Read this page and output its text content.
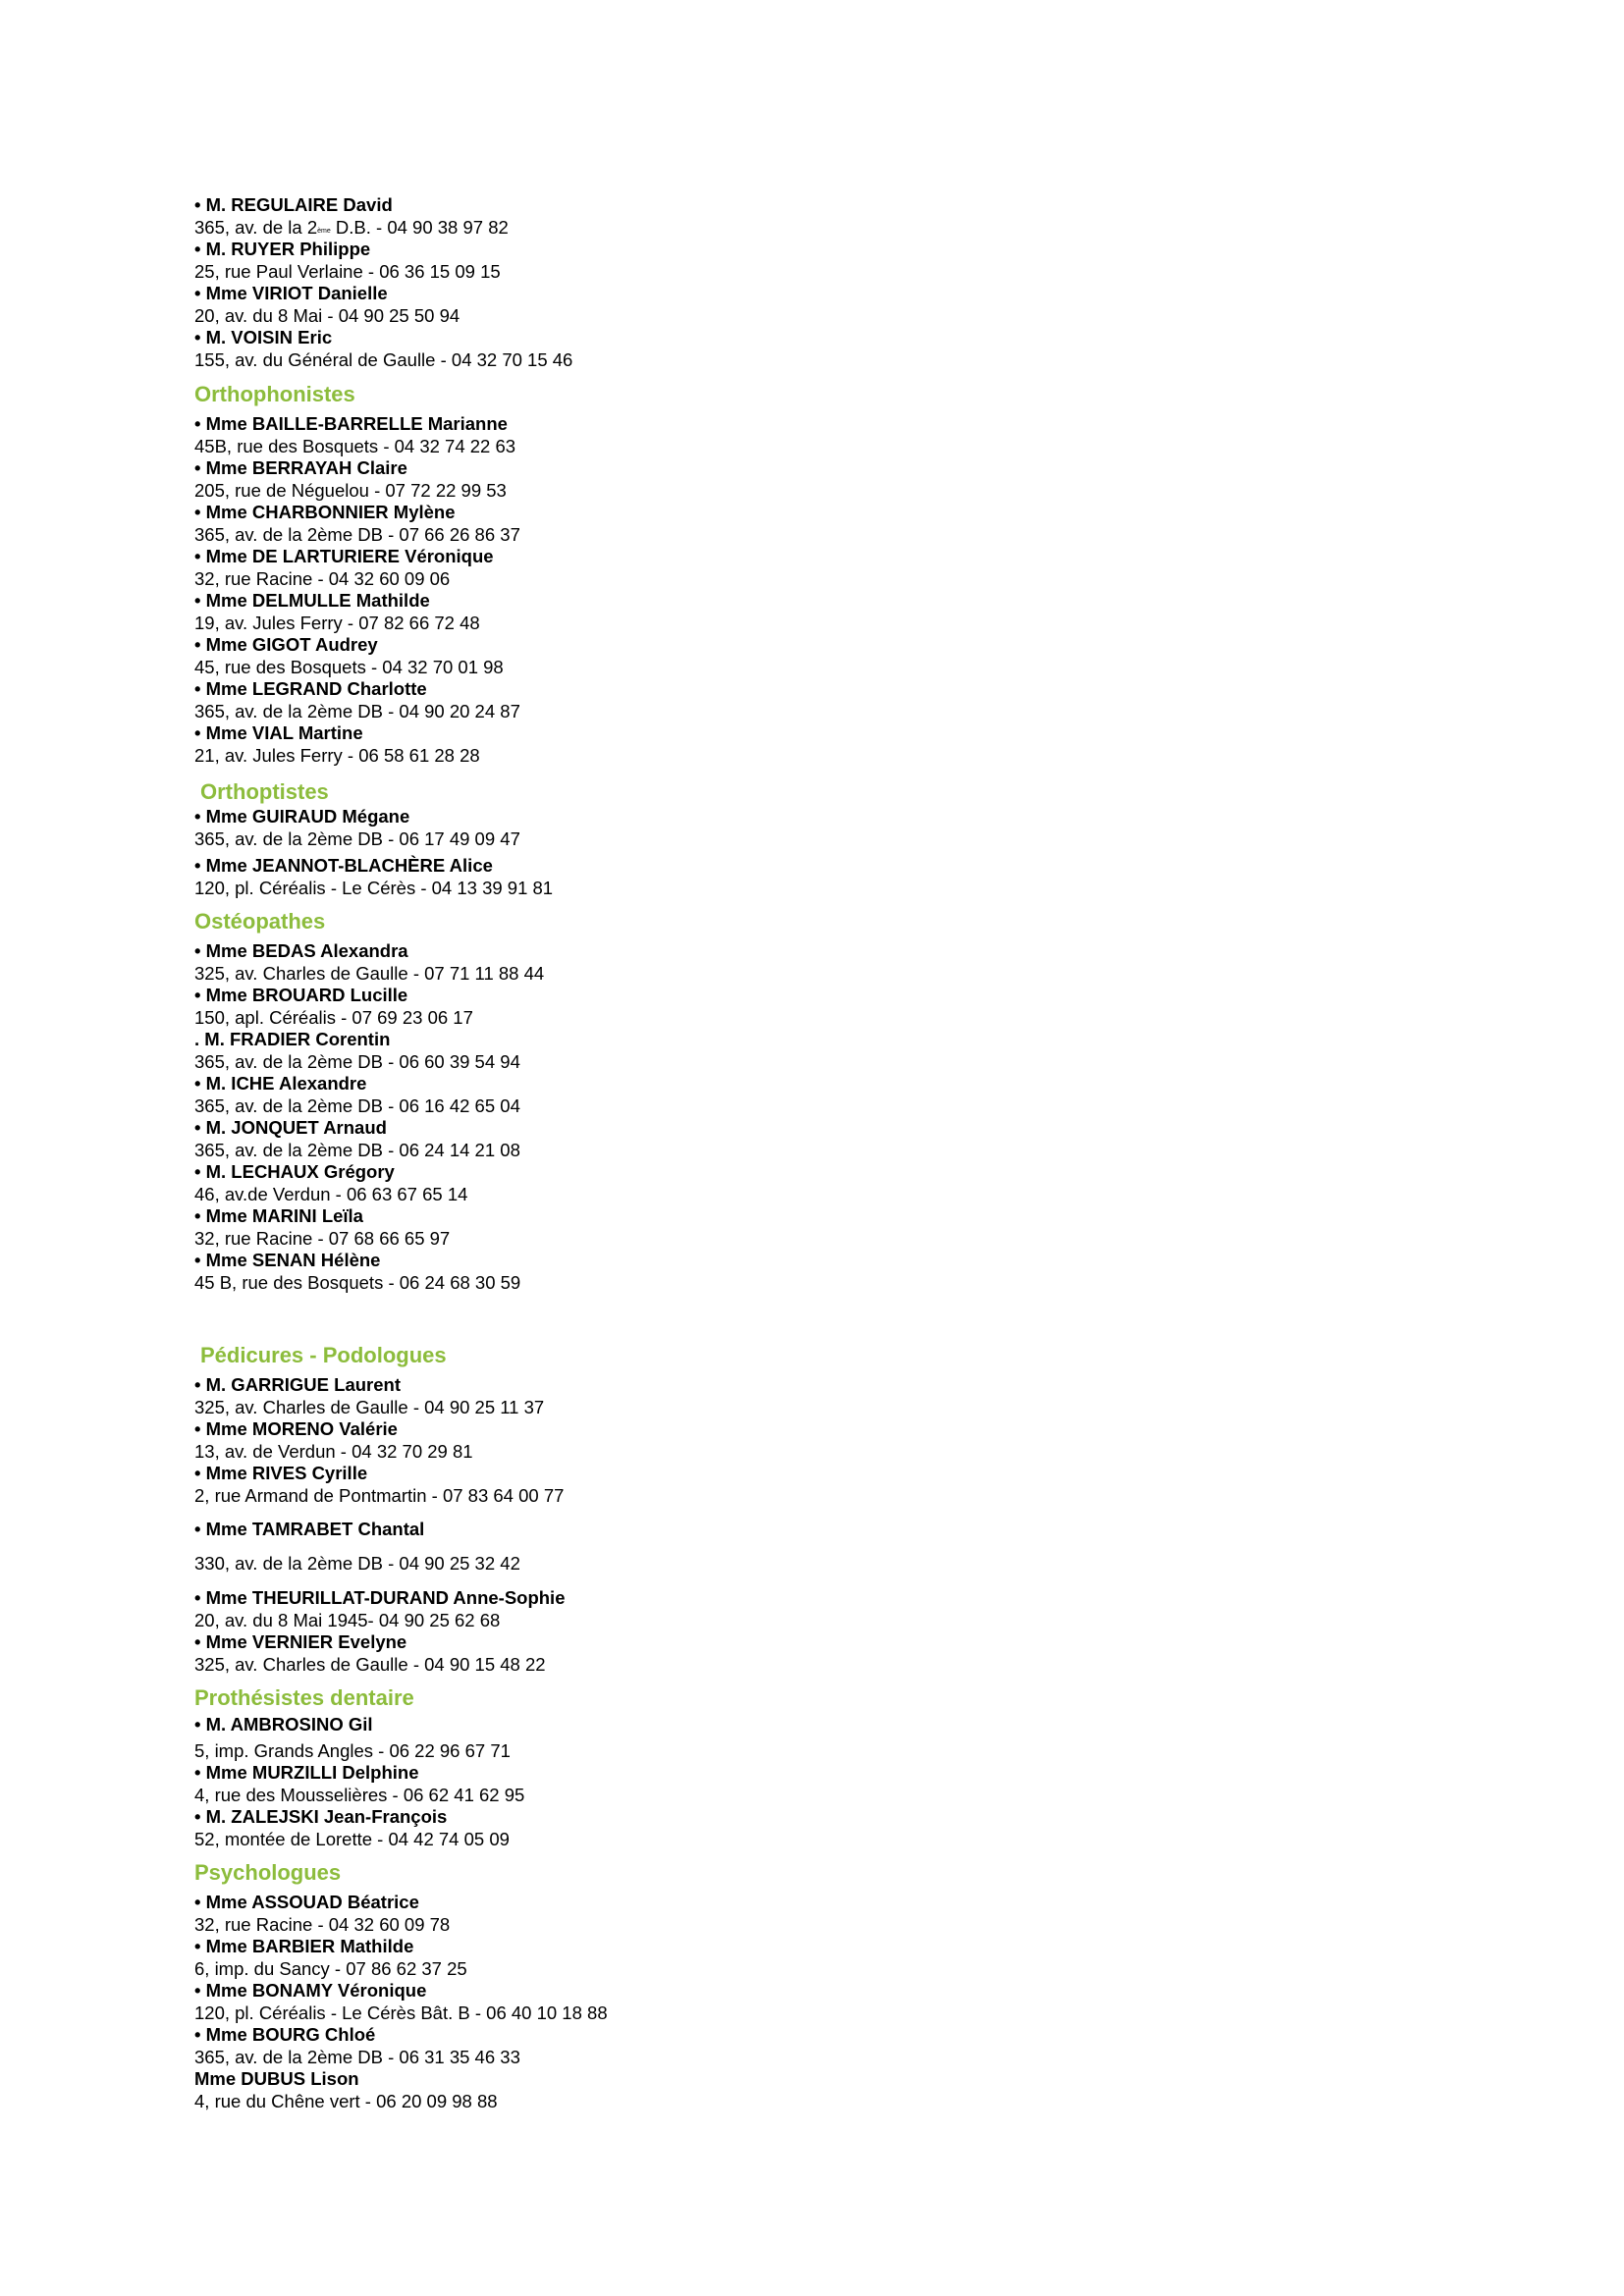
• M. REGULAIRE David
365, av. de la 2ème D.B. - 04 90 38 97 82
• M. RUYER Philippe
25, rue Paul Verlaine - 06 36 15 09 15
• Mme VIRIOT Danielle
20, av. du 8 Mai - 04 90 25 50 94
• M. VOISIN Eric
155, av. du Général de Gaulle - 04 32 70 15 46
Orthophonistes
• Mme BAILLE-BARRELLE Marianne
45B, rue des Bosquets - 04 32 74 22 63
• Mme BERRAYAH Claire
205, rue de Néguelou - 07 72 22 99 53
• Mme CHARBONNIER Mylène
365, av. de la 2ème DB - 07 66 26 86 37
• Mme DE LARTURIERE Véronique
32, rue Racine - 04 32 60 09 06
• Mme DELMULLE Mathilde
19, av. Jules Ferry - 07 82 66 72 48
• Mme GIGOT Audrey
45, rue des Bosquets - 04 32 70 01 98
• Mme LEGRAND Charlotte
365, av. de la 2ème DB - 04 90 20 24 87
• Mme VIAL Martine
21, av. Jules Ferry - 06 58 61 28 28
Orthoptistes
• Mme GUIRAUD Mégane
365, av. de la 2ème DB - 06 17 49 09 47
• Mme JEANNOT-BLACHÈRE Alice
120, pl. Céréalis - Le Cérès - 04 13 39 91 81
Ostéopathes
• Mme BEDAS Alexandra
325, av. Charles de Gaulle - 07 71 11 88 44
• Mme BROUARD Lucille
150, apl. Céréalis - 07 69 23 06 17
. M. FRADIER Corentin
365, av. de la 2ème DB - 06 60 39 54 94
• M. ICHE Alexandre
365, av. de la 2ème DB - 06 16 42 65 04
• M. JONQUET Arnaud
365, av. de la 2ème DB - 06 24 14 21 08
• M. LECHAUX Grégory
46, av.de Verdun - 06 63 67 65 14
• Mme MARINI Leïla
32, rue Racine - 07 68 66 65 97
• Mme SENAN Hélène
45 B, rue des Bosquets - 06 24 68 30 59
Pédicures - Podologues
• M. GARRIGUE Laurent
325, av. Charles de Gaulle - 04 90 25 11 37
• Mme MORENO Valérie
13, av. de Verdun - 04 32 70 29 81
• Mme RIVES Cyrille
2, rue Armand de Pontmartin - 07 83 64 00 77
• Mme TAMRABET Chantal
330, av. de la 2ème DB - 04 90 25 32 42
• Mme THEURILLAT-DURAND Anne-Sophie
20, av. du 8 Mai 1945- 04 90 25 62 68
• Mme VERNIER Evelyne
325, av. Charles de Gaulle - 04 90 15 48 22
Prothésistes dentaire
• M. AMBROSINO Gil
5, imp. Grands Angles - 06 22 96 67 71
• Mme MURZILLI Delphine
4, rue des Mousselières - 06 62 41 62 95
• M. ZALEJSKI Jean-François
52, montée de Lorette - 04 42 74 05 09
Psychologues
• Mme ASSOUAD Béatrice
32, rue Racine - 04 32 60 09 78
• Mme BARBIER Mathilde
6, imp. du Sancy - 07 86 62 37 25
• Mme BONAMY Véronique
120, pl. Céréalis - Le Cérès Bât. B - 06 40 10 18 88
• Mme BOURG Chloé
365, av. de la 2ème DB - 06 31 35 46 33
Mme DUBUS Lison
4, rue du Chêne vert - 06 20 09 98 88
